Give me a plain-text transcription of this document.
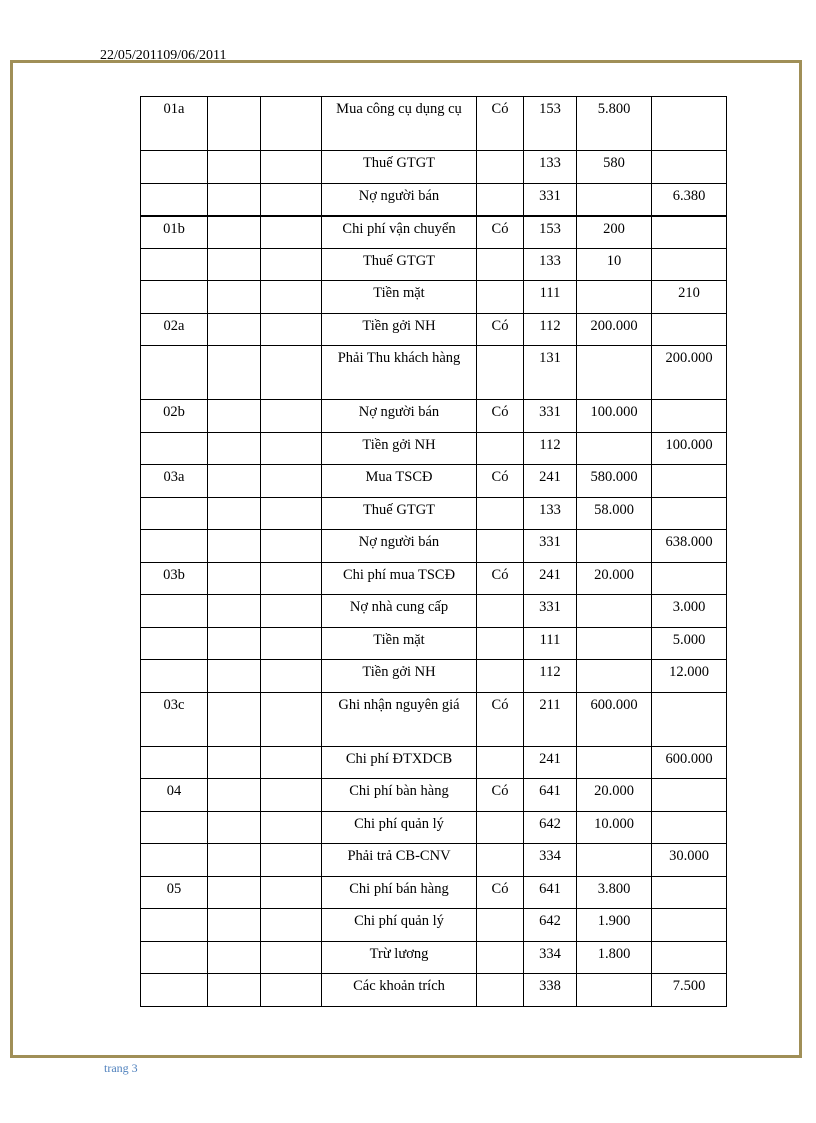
22/05/201109/06/2011
01a			Mua công cụ dụng cụ	Có	153	5.800	
			Thuế GTGT		133	580	
			Nợ người bán		331		6.380
01b			Chi phí vận chuyển	Có	153	200	
			Thuế GTGT		133	10	
			Tiền mặt		111		210
02a			Tiền gởi NH	Có	112	200.000	
			Phải Thu khách hàng		131		200.000
02b			Nợ người bán	Có	331	100.000	
			Tiền gởi NH		112		100.000
03a			Mua TSCĐ	Có	241	580.000	
			Thuế GTGT		133	58.000	
			Nợ người bán		331		638.000
03b			Chi phí mua TSCĐ	Có	241	20.000	
			Nợ nhà cung cấp		331		3.000
			Tiền mặt		111		5.000
			Tiền gởi NH		112		12.000
03c			Ghi nhận nguyên giá	Có	211	600.000	
			Chi phí ĐTXDCB		241		600.000
04			Chi phí bàn hàng	Có	641	20.000	
			Chi phí quản lý		642	10.000	
			Phải trả CB-CNV		334		30.000
05			Chi phí bán hàng	Có	641	3.800	
			Chi phí quản lý		642	1.900	
			Trừ lương		334	1.800	
			Các khoản trích		338		7.500
trang 3
